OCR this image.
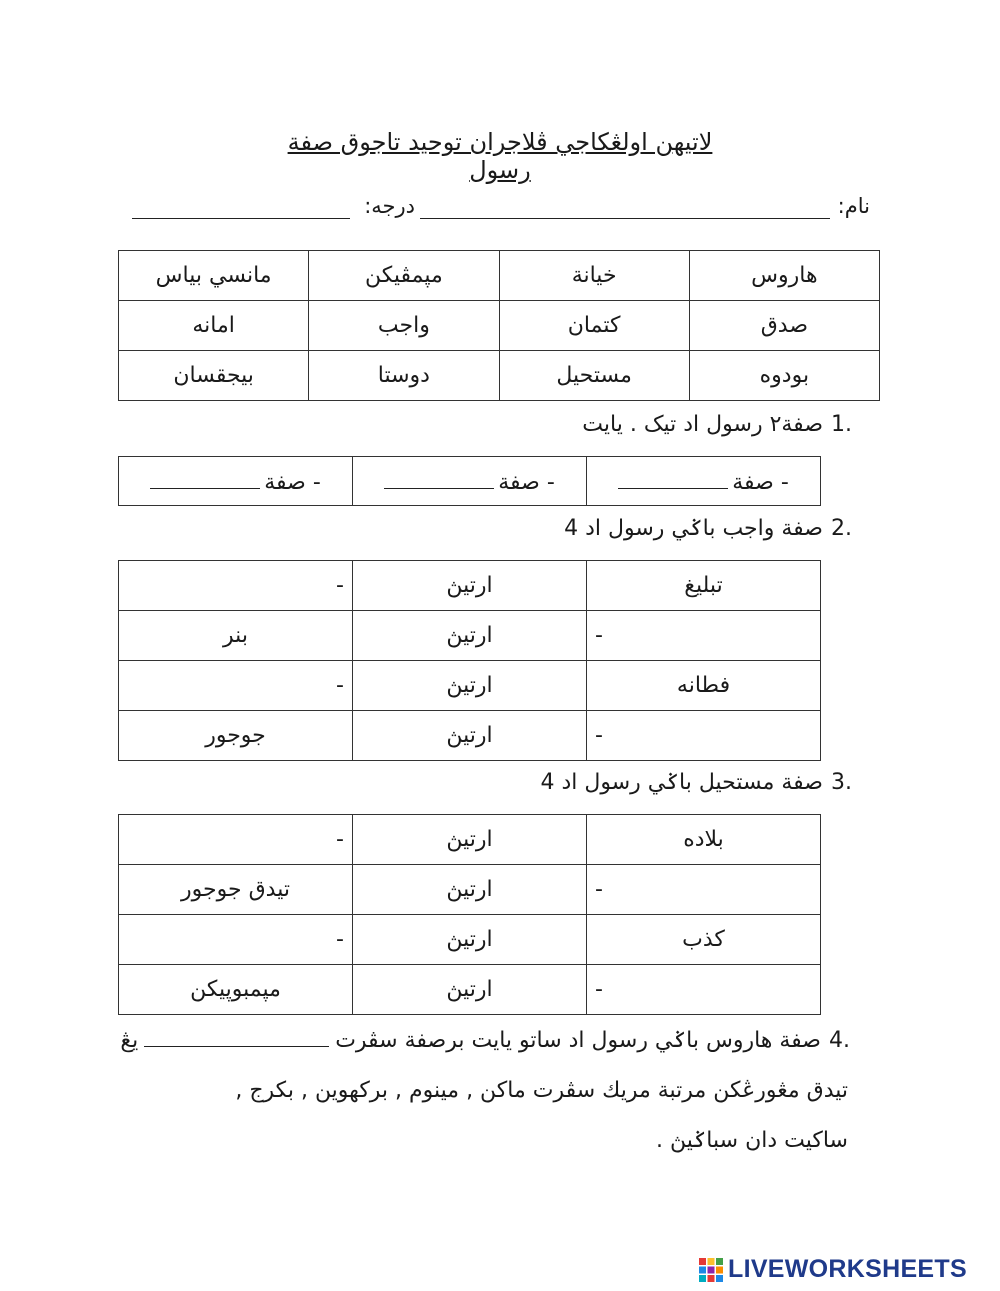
لاتيهن اولڠكاجي ڤلاجران توحيد تاجوق صفة رسول
نام:
درجه:
هاروس	خيانة	مپمڤيكن	مانسي بياس
صدق	كتمان	واجب	امانه
بودوه	مستحيل	دوستا	بيجقسان
1.صفة٢ رسول اد تيک . يايت
- صفة	- صفة	- صفة
2.صفة واجب باݢي رسول اد 4
تبليغ	ارتيڽ	-
-	ارتيڽ	بنر
فطانه	ارتيڽ	-
-	ارتيڽ	جوجور
3.صفة مستحيل باݢي رسول اد 4
بلاده	ارتيڽ	-
-	ارتيڽ	تيدق جوجور
كذب	ارتيڽ	-
-	ارتيڽ	مپمبوڽيكن
4.صفة هاروس باݢي رسول اد ساتو يايت برصفة سڤرتيڠ
تيدق مڠورڠكن مرتبة مريك سڤرت ماكن , مينوم , بركهوين , بكرج ,
ساكيت دان سباݢيڽ .
LIVEWORKSHEETS
